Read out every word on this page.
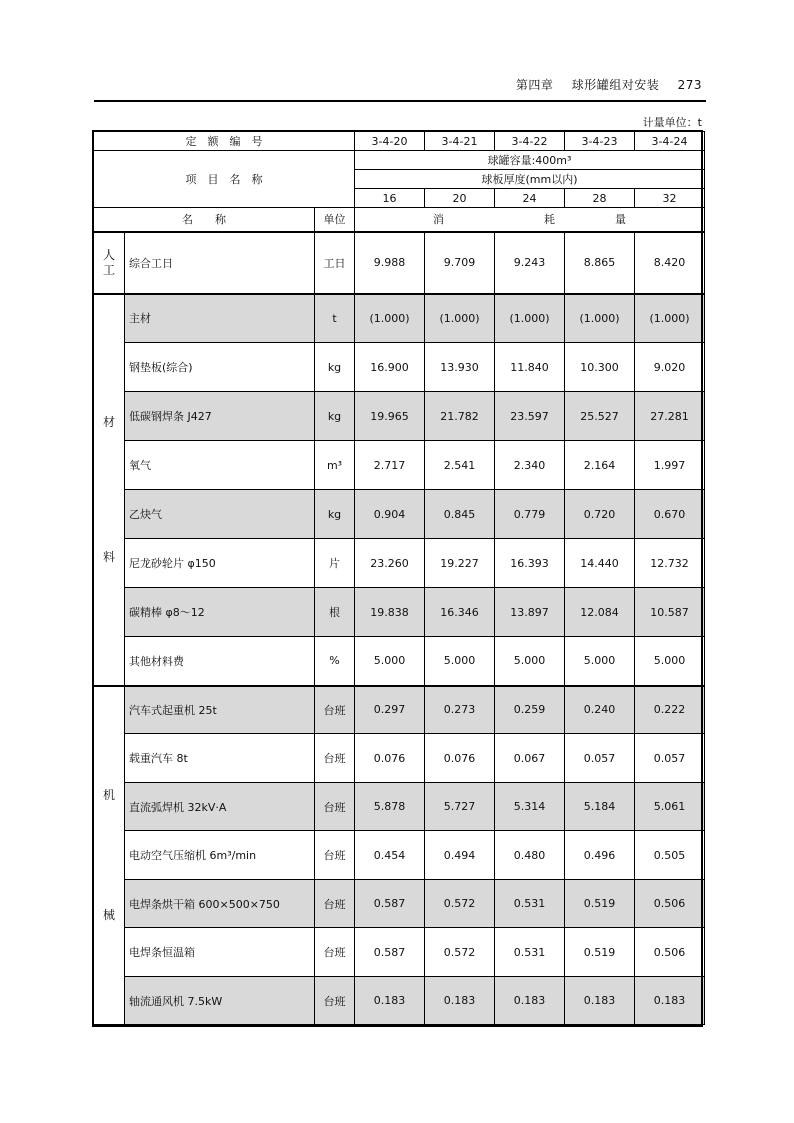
第四章 球形罐组对安装 273
计量单位：t
定　额　编　号			3-4-20	3-4-21	3-4-22	3-4-23	3-4-24
项　目　名　称			球罐容量:400m³				
			球板厚度(mm以内)				
			16	20	24	28	32
名　　称		单位	消 耗 量				

人
工	综合工日	工日	9.988	9.709	9.243	8.865	8.420

材
料	主材	t	(1.000)	(1.000)	(1.000)	(1.000)	(1.000)
	钢垫板(综合)	kg	16.900	13.930	11.840	10.300	9.020
	低碳钢焊条 J427	kg	19.965	21.782	23.597	25.527	27.281
	氧气	m³	2.717	2.541	2.340	2.164	1.997
	乙炔气	kg	0.904	0.845	0.779	0.720	0.670
	尼龙砂轮片 φ150	片	23.260	19.227	16.393	14.440	12.732
	碳精棒 φ8～12	根	19.838	16.346	13.897	12.084	10.587
	其他材料费	%	5.000	5.000	5.000	5.000	5.000

机
械	汽车式起重机 25t	台班	0.297	0.273	0.259	0.240	0.222
	载重汽车 8t	台班	0.076	0.076	0.067	0.057	0.057
	直流弧焊机 32kV·A	台班	5.878	5.727	5.314	5.184	5.061
	电动空气压缩机 6m³/min	台班	0.454	0.494	0.480	0.496	0.505
	电焊条烘干箱 600×500×750	台班	0.587	0.572	0.531	0.519	0.506
	电焊条恒温箱	台班	0.587	0.572	0.531	0.519	0.506
	轴流通风机 7.5kW	台班	0.183	0.183	0.183	0.183	0.183
